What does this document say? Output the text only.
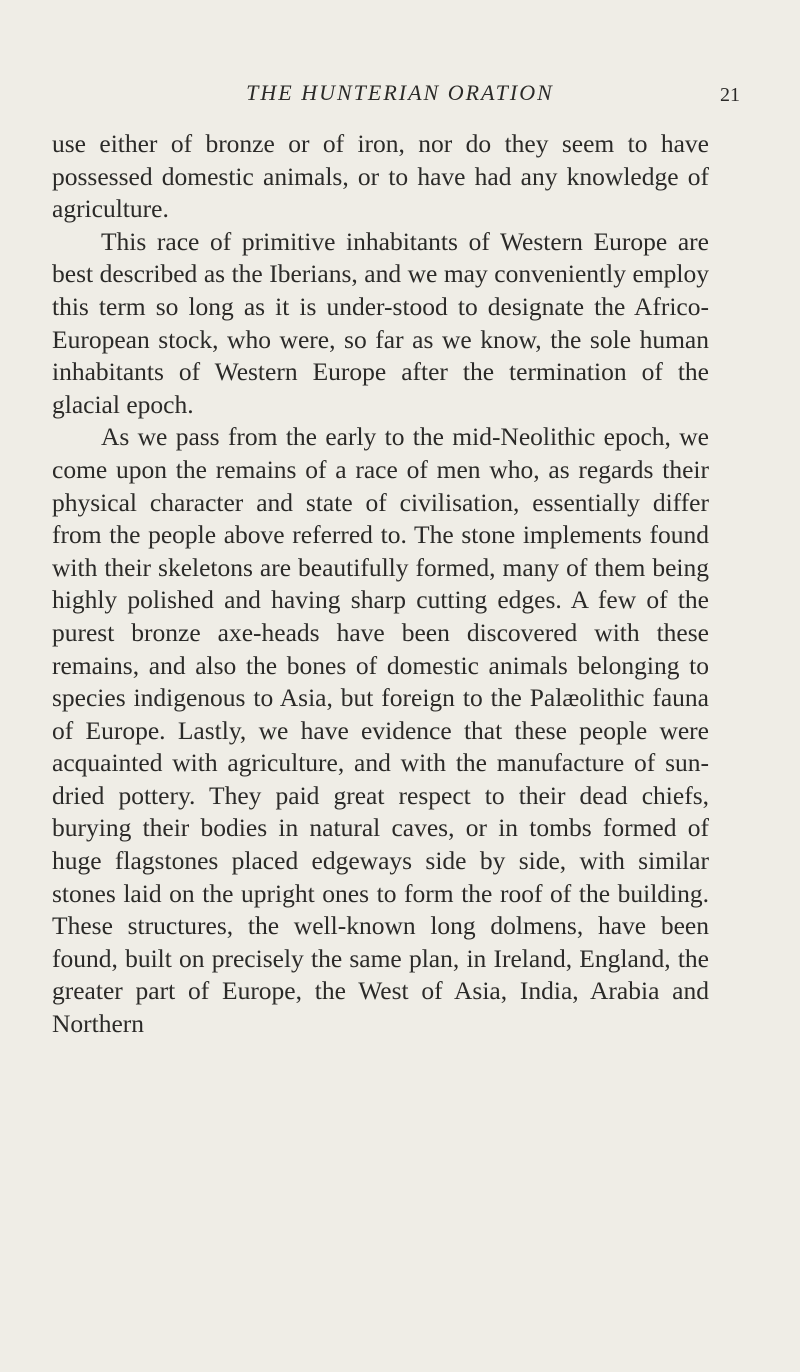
THE HUNTERIAN ORATION	21

use either of bronze or of iron, nor do they seem to have possessed domestic animals, or to have had any knowledge of agriculture.

This race of primitive inhabitants of Western Europe are best described as the Iberians, and we may conveniently employ this term so long as it is under-stood to designate the Africo-European stock, who were, so far as we know, the sole human inhabitants of Western Europe after the termination of the glacial epoch.

As we pass from the early to the mid-Neolithic epoch, we come upon the remains of a race of men who, as regards their physical character and state of civilisation, essentially differ from the people above referred to. The stone implements found with their skeletons are beautifully formed, many of them being highly polished and having sharp cutting edges. A few of the purest bronze axe-heads have been discovered with these remains, and also the bones of domestic animals belonging to species indigenous to Asia, but foreign to the Palæolithic fauna of Europe. Lastly, we have evidence that these people were acquainted with agriculture, and with the manufacture of sun-dried pottery. They paid great respect to their dead chiefs, burying their bodies in natural caves, or in tombs formed of huge flagstones placed edgeways side by side, with similar stones laid on the upright ones to form the roof of the building. These structures, the well-known long dolmens, have been found, built on precisely the same plan, in Ireland, England, the greater part of Europe, the West of Asia, India, Arabia and Northern
